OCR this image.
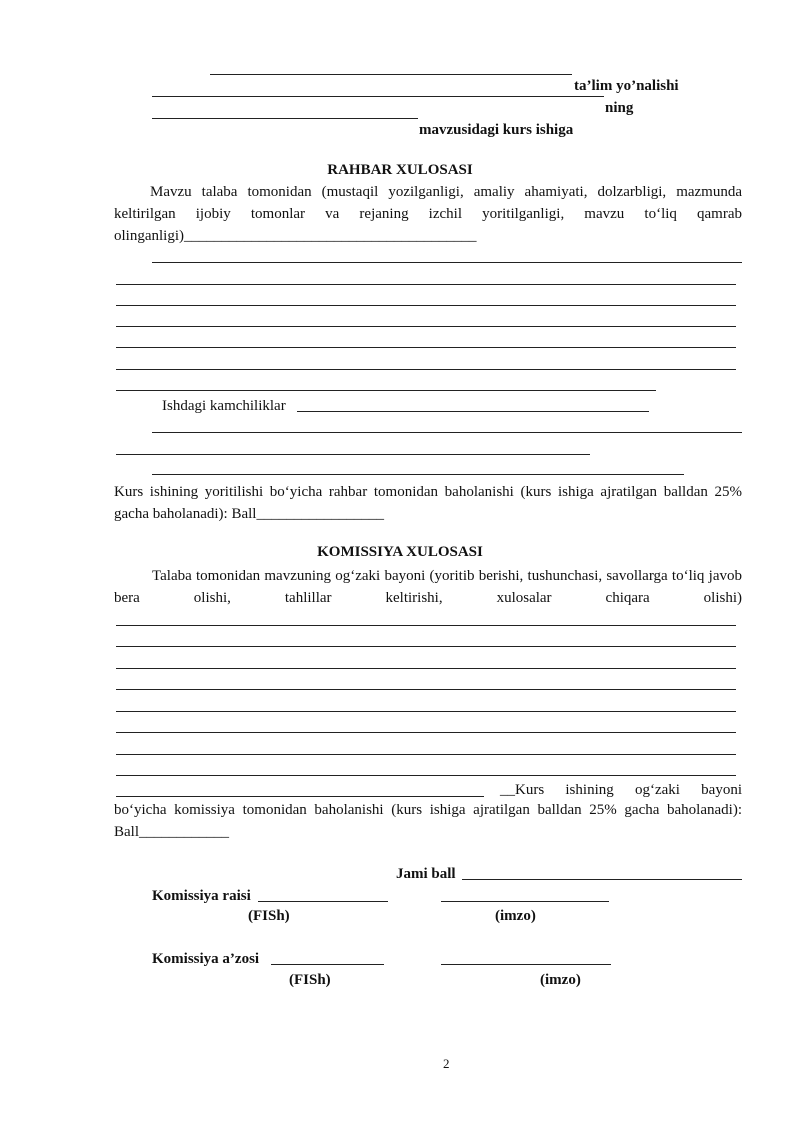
ta’lim yo’nalishi
ning
mavzusidagi kurs ishiga
RAHBAR XULOSASI
Mavzu talaba tomonidan (mustaqil yozilganligi, amaliy ahamiyati, dolzarbligi, mazmunda keltirilgan ijobiy tomonlar va rejaning izchil yoritilganligi, mavzu to‘liq qamrab olinganligi)_______________________________________
Ishdagi kamchiliklar
Kurs ishining yoritilishi bo‘yicha rahbar tomonidan baholanishi (kurs ishiga ajratilgan balldan 25% gacha baholanadi): Ball_________________
KOMISSIYA XULOSASI
Talaba tomonidan mavzuning og‘zaki bayoni (yoritib berishi, tushunchasi, savollarga to‘liq javob bera olishi, tahlillar keltirishi, xulosalar chiqara olishi)
__Kurs ishining og‘zaki bayoni
bo‘yicha komissiya tomonidan baholanishi (kurs ishiga ajratilgan balldan 25% gacha baholanadi): Ball____________
Jami ball
Komissiya raisi
(FISh)	(imzo)
Komissiya a’zosi
(FISh)	(imzo)
2
